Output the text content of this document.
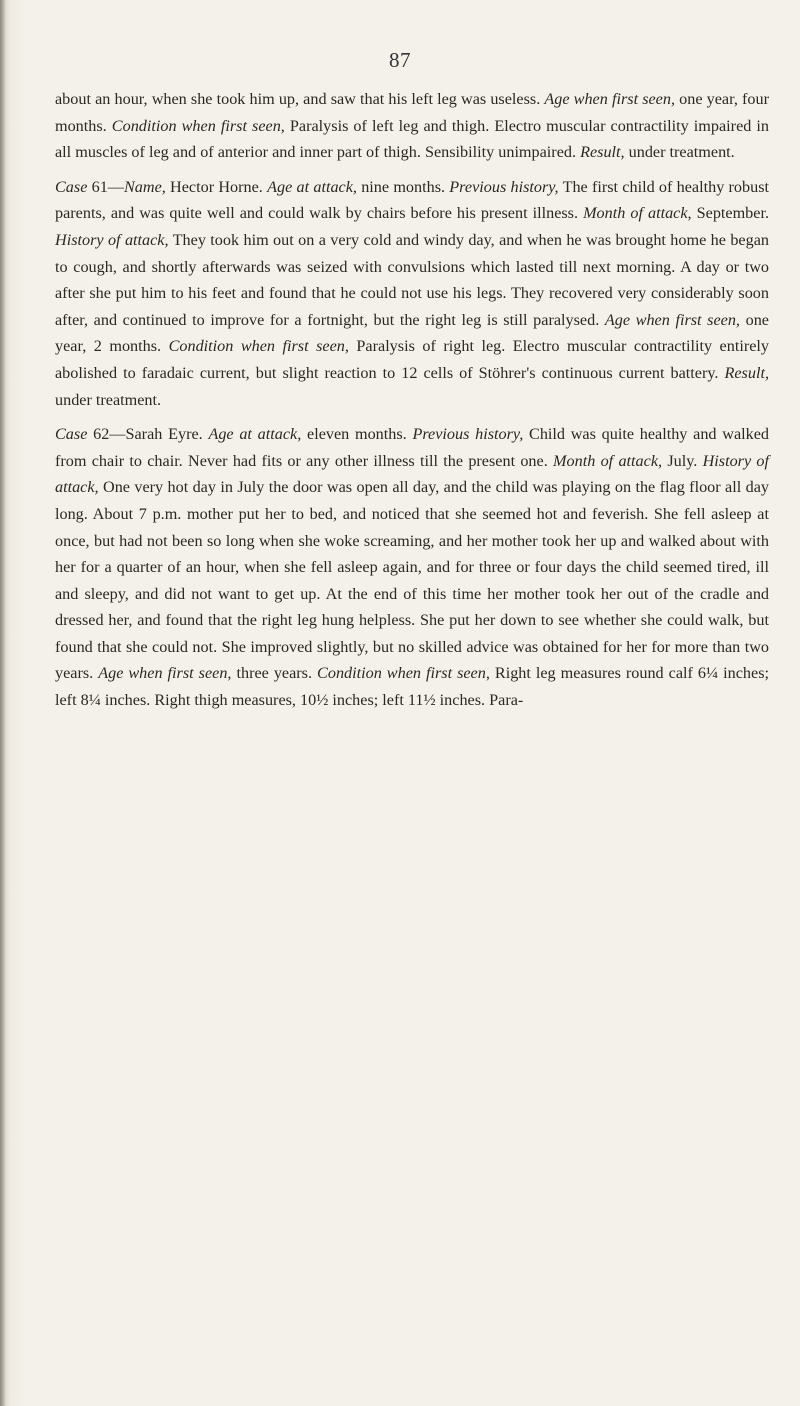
87

about an hour, when she took him up, and saw that his left leg was useless. Age when first seen, one year, four months. Condition when first seen, Paralysis of left leg and thigh. Electro muscular contractility impaired in all muscles of leg and of anterior and inner part of thigh. Sensibility unimpaired. Result, under treatment.

Case 61—Name, Hector Horne. Age at attack, nine months. Previous history, The first child of healthy robust parents, and was quite well and could walk by chairs before his present illness. Month of attack, September. History of attack, They took him out on a very cold and windy day, and when he was brought home he began to cough, and shortly afterwards was seized with convulsions which lasted till next morning. A day or two after she put him to his feet and found that he could not use his legs. They recovered very considerably soon after, and continued to improve for a fortnight, but the right leg is still paralysed. Age when first seen, one year, 2 months. Condition when first seen, Paralysis of right leg. Electro muscular contractility entirely abolished to faradaic current, but slight reaction to 12 cells of Stöhrer's continuous current battery. Result, under treatment.

Case 62—Sarah Eyre. Age at attack, eleven months. Previous history, Child was quite healthy and walked from chair to chair. Never had fits or any other illness till the present one. Month of attack, July. History of attack, One very hot day in July the door was open all day, and the child was playing on the flag floor all day long. About 7 p.m. mother put her to bed, and noticed that she seemed hot and feverish. She fell asleep at once, but had not been so long when she woke screaming, and her mother took her up and walked about with her for a quarter of an hour, when she fell asleep again, and for three or four days the child seemed tired, ill and sleepy, and did not want to get up. At the end of this time her mother took her out of the cradle and dressed her, and found that the right leg hung helpless. She put her down to see whether she could walk, but found that she could not. She improved slightly, but no skilled advice was obtained for her for more than two years. Age when first seen, three years. Condition when first seen, Right leg measures round calf 6¼ inches; left 8¼ inches. Right thigh measures, 10½ inches; left 11½ inches. Para-
